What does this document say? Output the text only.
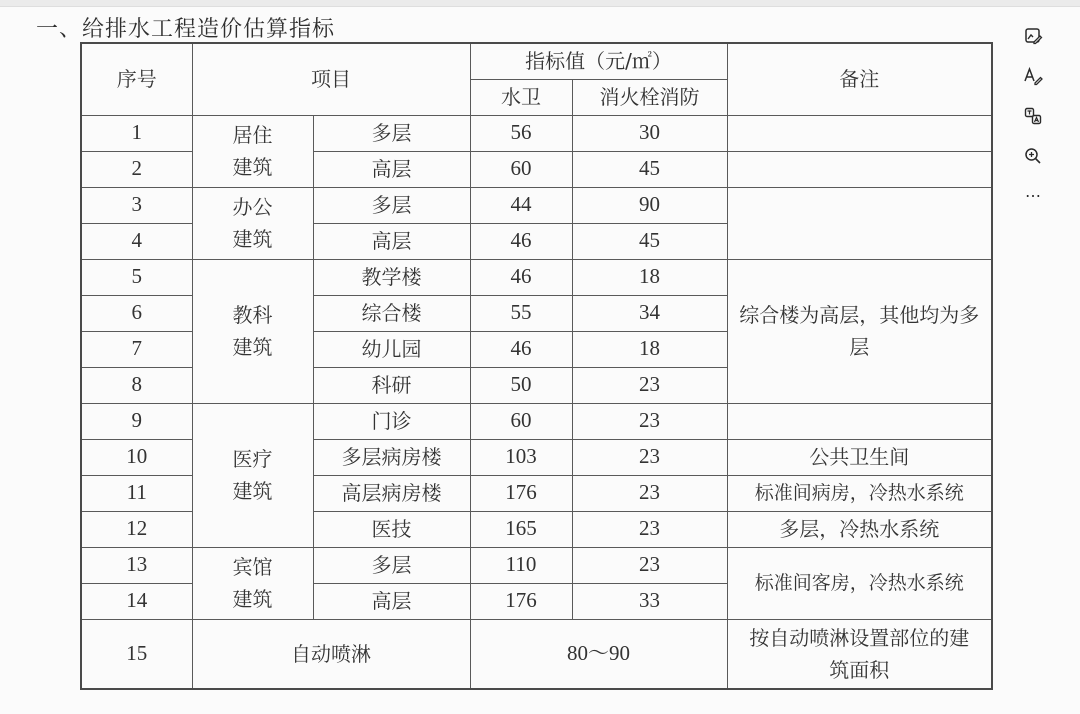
一、给排水工程造价估算指标
序号	项目		指标值（元/㎡）		备注
			水卫	消火栓消防	
1	居住建筑	多层	56	30	
2		高层	60	45	
3	办公建筑	多层	44	90	
4		高层	46	45	
5	教科建筑	教学楼	46	18	综合楼为高层，其他均为多层
6		综合楼	55	34	
7		幼儿园	46	18	
8		科研	50	23	
9	医疗建筑	门诊	60	23	
10		多层病房楼	103	23	公共卫生间
11		高层病房楼	176	23	标准间病房，冷热水系统
12		医技	165	23	多层，冷热水系统
13	宾馆建筑	多层	110	23	标准间客房，冷热水系统
14		高层	176	33	
15	自动喷淋		80～90		按自动喷淋设置部位的建筑面积
…
